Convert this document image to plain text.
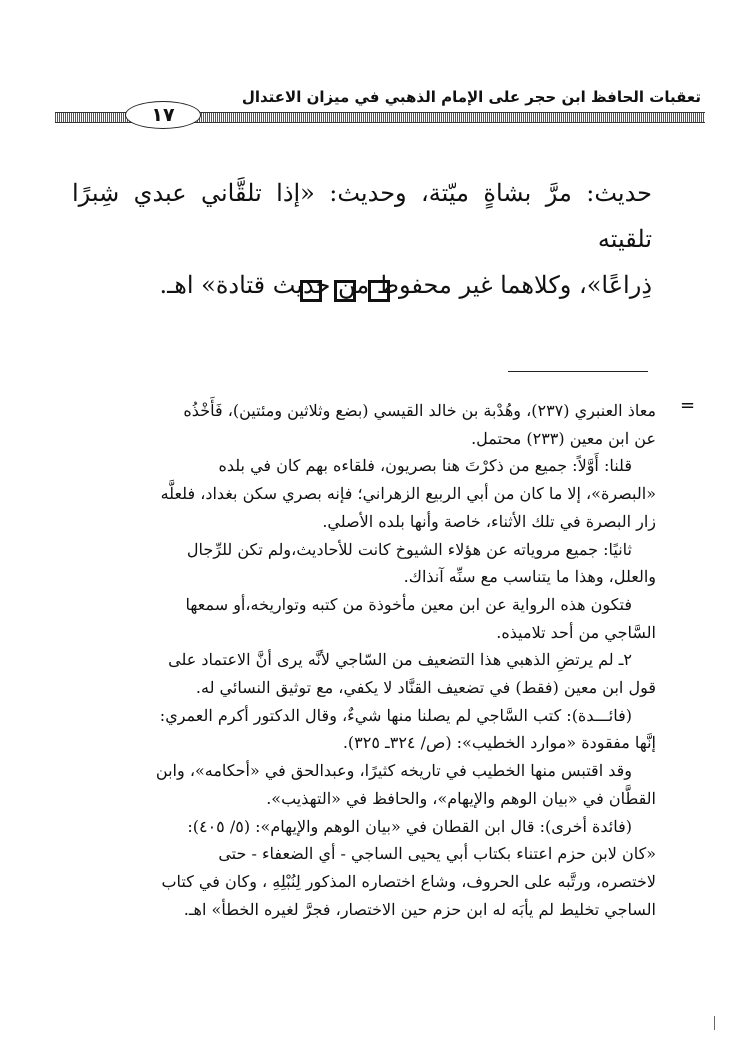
تعقبات الحافظ ابن حجر على الإمام الذهبي في ميزان الاعتدال
١٧

حديث: مرَّ بشاةٍ ميّتة، وحديث: «إذا تلقَّاني عبدي شِبرًا تلقيته

ذِراعًا»، وكلاهما غير محفوظ من حديث قتادة» اهـ.

=

معاذ العنبري (٢٣٧)، وهُدْبة بن خالد القيسي (بضع وثلاثين ومئتين)، فَأَخْذُه

عن ابن معين (٢٣٣) محتمل.

قلنا: أَوَّلاً: جميع من ذكرْتَ هنا بصريون، فلقاءه بهم كان في بلده

«البصرة»، إلا ما كان من أبي الربيع الزهراني؛ فإنه بصري سكن بغداد، فلعلَّه

زار البصرة في تلك الأثناء، خاصة وأنها بلده الأصلي.

ثانيًا: جميع مروياته عن هؤلاء الشيوخ كانت للأحاديث،ولم تكن للرِّجال

والعلل، وهذا ما يتناسب مع سنِّه آنذاك.

فتكون هذه الرواية عن ابن معين مأخوذة من كتبه وتواريخه،أو سمعها

السَّاجي من أحد تلاميذه.

٢ـ لم يرتضِ الذهبي هذا التضعيف من السّاجي لأنَّه يرى أنَّ الاعتماد على

قول ابن معين (فقط) في تضعيف القنَّاد لا يكفي، مع توثيق النسائي له.

(فائـــدة): كتب السَّاجي لم يصلنا منها شيءٌ، وقال الدكتور أكرم العمري:

إنَّها مفقودة «موارد الخطيب»: (ص/ ٣٢٤ـ ٣٢٥).

وقد اقتبس منها الخطيب في تاريخه كثيرًا، وعبدالحق في «أحكامه»، وابن

القطَّان في «بيان الوهم والإيهام»، والحافظ في «التهذيب».

(فائدة أخرى): قال ابن القطان في «بيان الوهم والإيهام»: (٥/ ٤٠٥):

«كان لابن حزم اعتناء بكتاب أبي يحيى الساجي - أي الضعفاء - حتى

لاختصره، ورتَّبه على الحروف، وشاع اختصاره المذكور لِنُبْلِهِ ، وكان في كتاب

الساجي تخليط لم يأبَه له ابن حزم حين الاختصار، فجرَّ لغيره الخطأ» اهـ.
